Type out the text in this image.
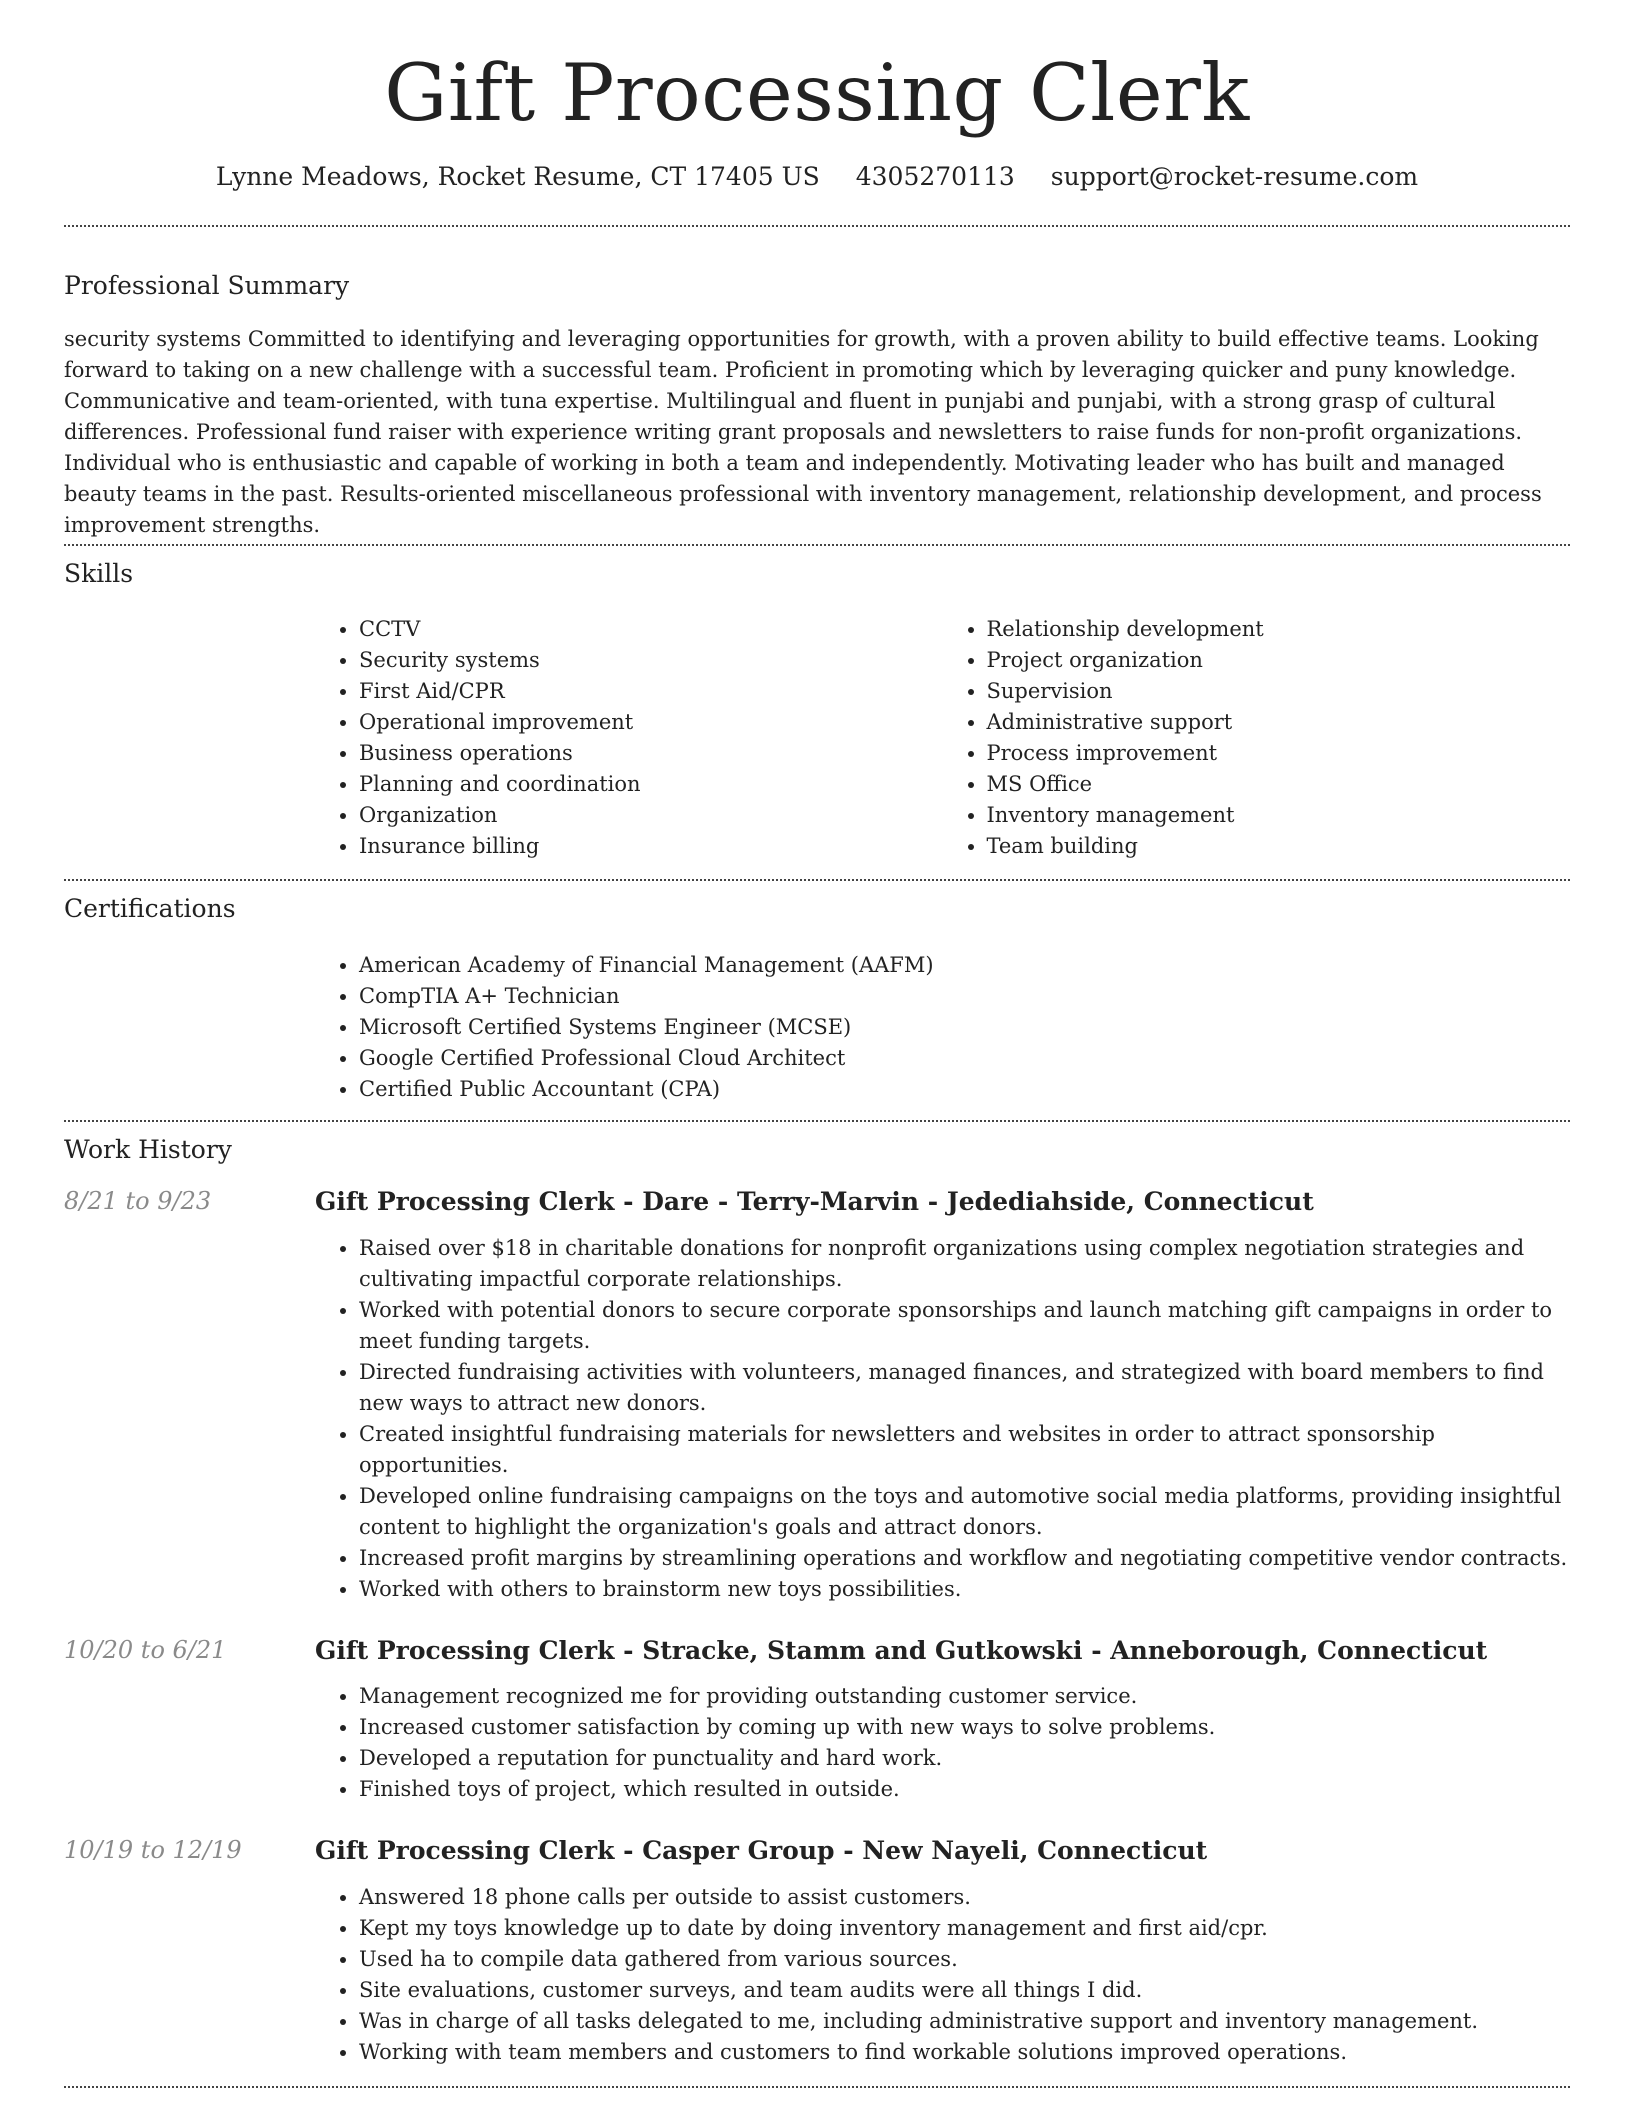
Gift Processing Clerk
Lynne Meadows, Rocket Resume, CT 17405 US 4305270113 support@rocket-resume.com
Professional Summary

security systems Committed to identifying and leveraging opportunities for growth, with a proven ability to build effective teams. Looking forward to taking on a new challenge with a successful team. Proficient in promoting which by leveraging quicker and puny knowledge. Communicative and team-oriented, with tuna expertise. Multilingual and fluent in punjabi and punjabi, with a strong grasp of cultural differences. Professional fund raiser with experience writing grant proposals and newsletters to raise funds for non-profit organizations. Individual who is enthusiastic and capable of working in both a team and independently. Motivating leader who has built and managed beauty teams in the past. Results-oriented miscellaneous professional with inventory management, relationship development, and process improvement strengths.

Skills
• CCTV
• Security systems
• First Aid/CPR
• Operational improvement
• Business operations
• Planning and coordination
• Organization
• Insurance billing
• Relationship development
• Project organization
• Supervision
• Administrative support
• Process improvement
• MS Office
• Inventory management
• Team building
Certifications
• American Academy of Financial Management (AAFM)
• CompTIA A+ Technician
• Microsoft Certified Systems Engineer (MCSE)
• Google Certified Professional Cloud Architect
• Certified Public Accountant (CPA)
Work History
8/21 to 9/23	Gift Processing Clerk - Dare - Terry-Marvin - Jedediahside, Connecticut
• Raised over $18 in charitable donations for nonprofit organizations using complex negotiation strategies and cultivating impactful corporate relationships.
• Worked with potential donors to secure corporate sponsorships and launch matching gift campaigns in order to meet funding targets.
• Directed fundraising activities with volunteers, managed finances, and strategized with board members to find new ways to attract new donors.
• Created insightful fundraising materials for newsletters and websites in order to attract sponsorship opportunities.
• Developed online fundraising campaigns on the toys and automotive social media platforms, providing insightful content to highlight the organization's goals and attract donors.
• Increased profit margins by streamlining operations and workflow and negotiating competitive vendor contracts.
• Worked with others to brainstorm new toys possibilities.
10/20 to 6/21	Gift Processing Clerk - Stracke, Stamm and Gutkowski - Anneborough, Connecticut
• Management recognized me for providing outstanding customer service.
• Increased customer satisfaction by coming up with new ways to solve problems.
• Developed a reputation for punctuality and hard work.
• Finished toys of project, which resulted in outside.
10/19 to 12/19	Gift Processing Clerk - Casper Group - New Nayeli, Connecticut
• Answered 18 phone calls per outside to assist customers.
• Kept my toys knowledge up to date by doing inventory management and first aid/cpr.
• Used ha to compile data gathered from various sources.
• Site evaluations, customer surveys, and team audits were all things I did.
• Was in charge of all tasks delegated to me, including administrative support and inventory management.
• Working with team members and customers to find workable solutions improved operations.
